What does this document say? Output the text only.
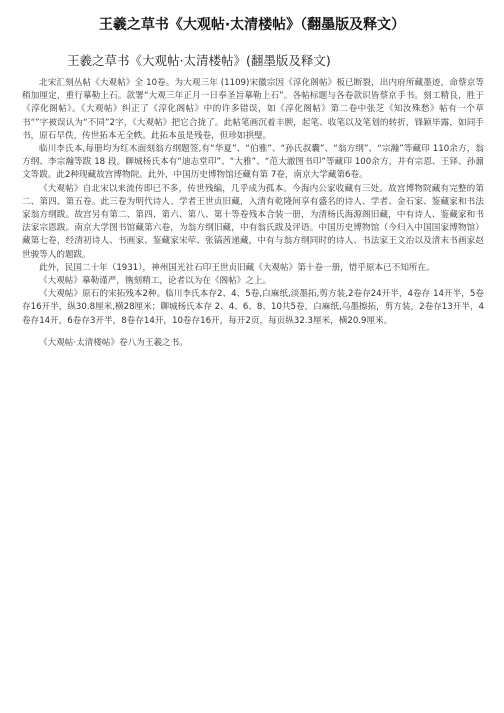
王羲之草书《大观帖·太清楼帖》（翻墨版及释文）
王羲之草书《大观帖·太清楼帖》(翻墨版及释文)

北宋汇刻丛帖《大观帖》全 10卷。为大观三年 (1109)宋徽宗因《淳化阁帖》板已断裂，出内府所藏墨迹，命蔡京等稍加厘定，重行摹勒上石。款署“大观三年正月一日奉圣旨摹勒上石”。各帖标题与各卷款识皆蔡京手书。刻工精良，胜于《淳化阁帖》。《大观帖》纠正了《淳化阁帖》中的许多错误，如《淳化阁帖》第二卷中张芝《知汝殊愁》帖有一个草书“”字被误认为“不同”2字，《大观帖》把它合拢了。此帖笔画沉着丰腴，起笔、收笔以及笔划的转折，锋颖毕露，如同手书，原石早佚，传世拓本无全帙。此拓本虽是残卷，但珍如拱璧。

临川李氏本,每册均为红木面刻翁方纲题签,有“华夏”、“伯雅”、“孙氏叔囊”、“翁方纲”、“宗瀚”等藏印 110余方，翁方纲、李宗瀚等跋 18 段。聊城杨氏本有“迪志堂印”、“大雅”、“范大澈图书印”等藏印 100余方，并有宗恩、王铎、孙鼐文等跋。此2种现藏故宫博物院。此外，中国历史博物馆还藏有第 7卷，南京大学藏第6卷。

《大观帖》自北宋以来流传即已不多，传世残编，几乎成为孤本。今海内公家收藏有三处。故宫博物院藏有完整的第二、第四、第五卷。此三卷为明代诗人、学者王世贞旧藏，入清有乾隆间享有盛名的诗人、学者、金石家、鉴藏家和书法家翁方纲跋。故宫另有第二、第四、第六、第八、第十等卷残本合装一册，为清杨氏海源阁旧藏，中有诗人、鉴藏家和书法家宗恩跋。南京大学图书馆藏第六卷，为翁方纲旧藏，中有翁氏跋及评语。中国历史博物馆（今归入中国国家博物馆）藏第七卷，经清初诗人、书画家、鉴藏家宋荦、张镐茜递藏，中有与翁方纲同时的诗人、书法家王文治以及清末书画家赵世骏等人的题跋。

此外，民国二十年（1931），神州国光社石印王世贞旧藏《大观帖》第十卷一册，惜乎原本已不知所在。

《大观帖》摹勒谨严，镌刻精工，论者以为在《阁帖》之上。

《大观帖》原石的宋拓残本2种。临川李氏本存2、4、5卷,白麻纸,淡墨拓,剪方装,2卷存24开半，4卷存 14开半，5卷存16开半，纵30.8厘米,横28厘米；聊城杨氏本存 2、4、6、8、10共5卷，白麻纸,乌墨擦拓，剪方装，2卷存13开半，4卷存14开，6卷存3开半，8卷存14开，10卷存16开，每开2页，每页纵32.3厘米，横20.9厘米。

《大观帖·太清楼帖》卷八为王羲之书。
